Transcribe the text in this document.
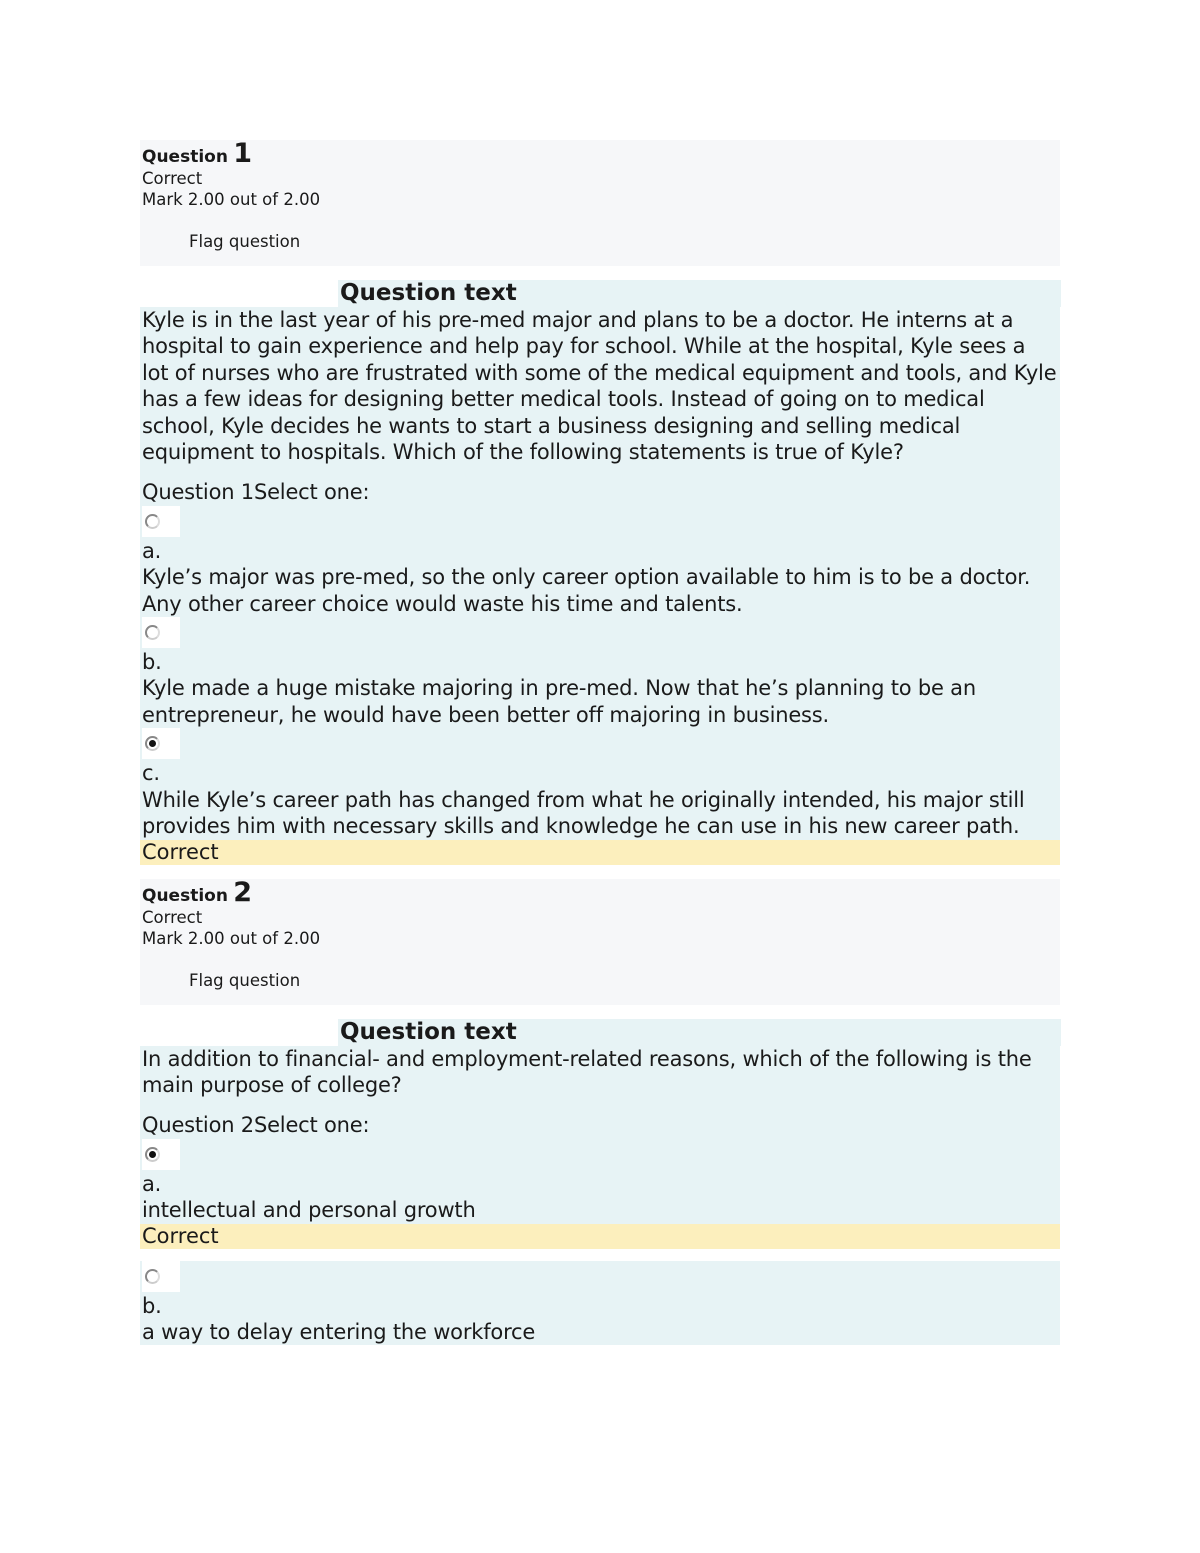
Question 1
Correct
Mark 2.00 out of 2.00
Flag question
Question text
Kyle is in the last year of his pre-med major and plans to be a doctor. He interns at a hospital to gain experience and help pay for school. While at the hospital, Kyle sees a lot of nurses who are frustrated with some of the medical equipment and tools, and Kyle has a few ideas for designing better medical tools. Instead of going on to medical school, Kyle decides he wants to start a business designing and selling medical equipment to hospitals. Which of the following statements is true of Kyle?
Question 1Select one:
a.
Kyle’s major was pre-med, so the only career option available to him is to be a doctor. Any other career choice would waste his time and talents.
b.
Kyle made a huge mistake majoring in pre-med. Now that he’s planning to be an entrepreneur, he would have been better off majoring in business.
c.
While Kyle’s career path has changed from what he originally intended, his major still provides him with necessary skills and knowledge he can use in his new career path.
Correct
Question 2
Correct
Mark 2.00 out of 2.00
Flag question
Question text
In addition to financial- and employment-related reasons, which of the following is the main purpose of college?
Question 2Select one:
a.
intellectual and personal growth
Correct
b.
a way to delay entering the workforce
